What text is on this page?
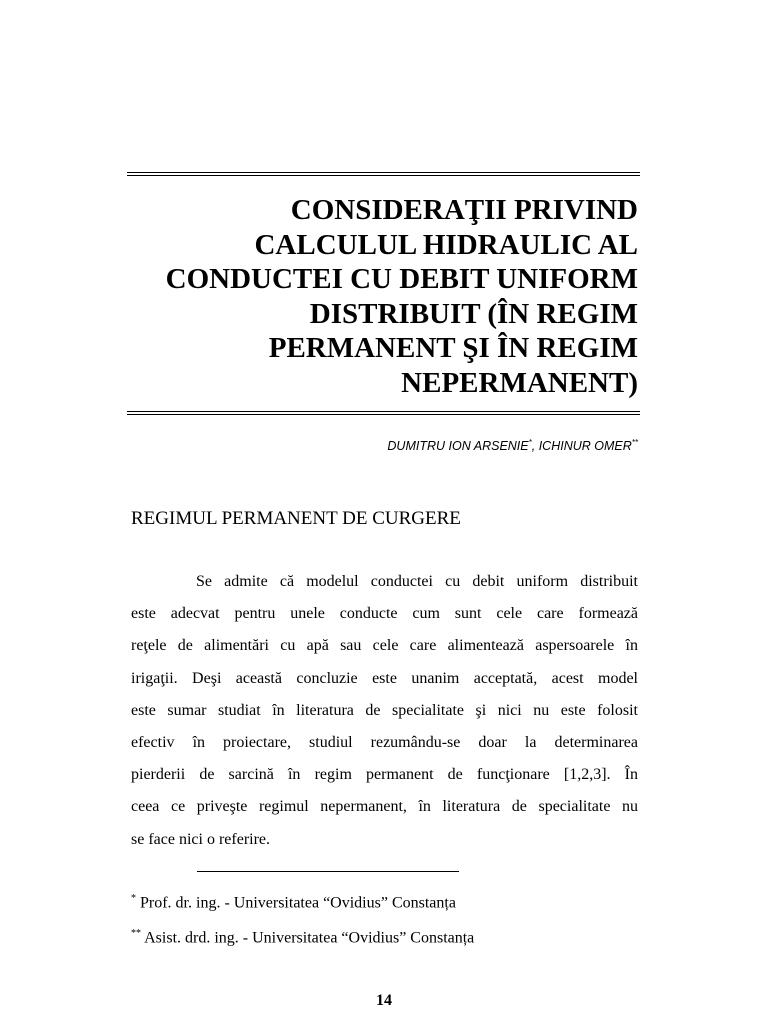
CONSIDERAŢII PRIVIND
CALCULUL HIDRAULIC AL
CONDUCTEI CU DEBIT UNIFORM
DISTRIBUIT (ÎN REGIM
PERMANENT ŞI ÎN REGIM
NEPERMANENT)
DUMITRU ION ARSENIE*, ICHINUR OMER**
REGIMUL PERMANENT DE CURGERE

Se admite că modelul conductei cu debit uniform distribuit
este adecvat pentru unele conducte cum sunt cele care formează
reţele de alimentări cu apă sau cele care alimentează aspersoarele în
irigaţii. Deşi această concluzie este unanim acceptată, acest model
este sumar studiat în literatura de specialitate şi nici nu este folosit
efectiv în proiectare, studiul rezumându-se doar la determinarea
pierderii de sarcină în regim permanent de funcţionare [1,2,3]. În
ceea ce priveşte regimul nepermanent, în literatura de specialitate nu
se face nici o referire.

* Prof. dr. ing. - Universitatea “Ovidius” Constanța
** Asist. drd. ing. - Universitatea “Ovidius” Constanța
14
